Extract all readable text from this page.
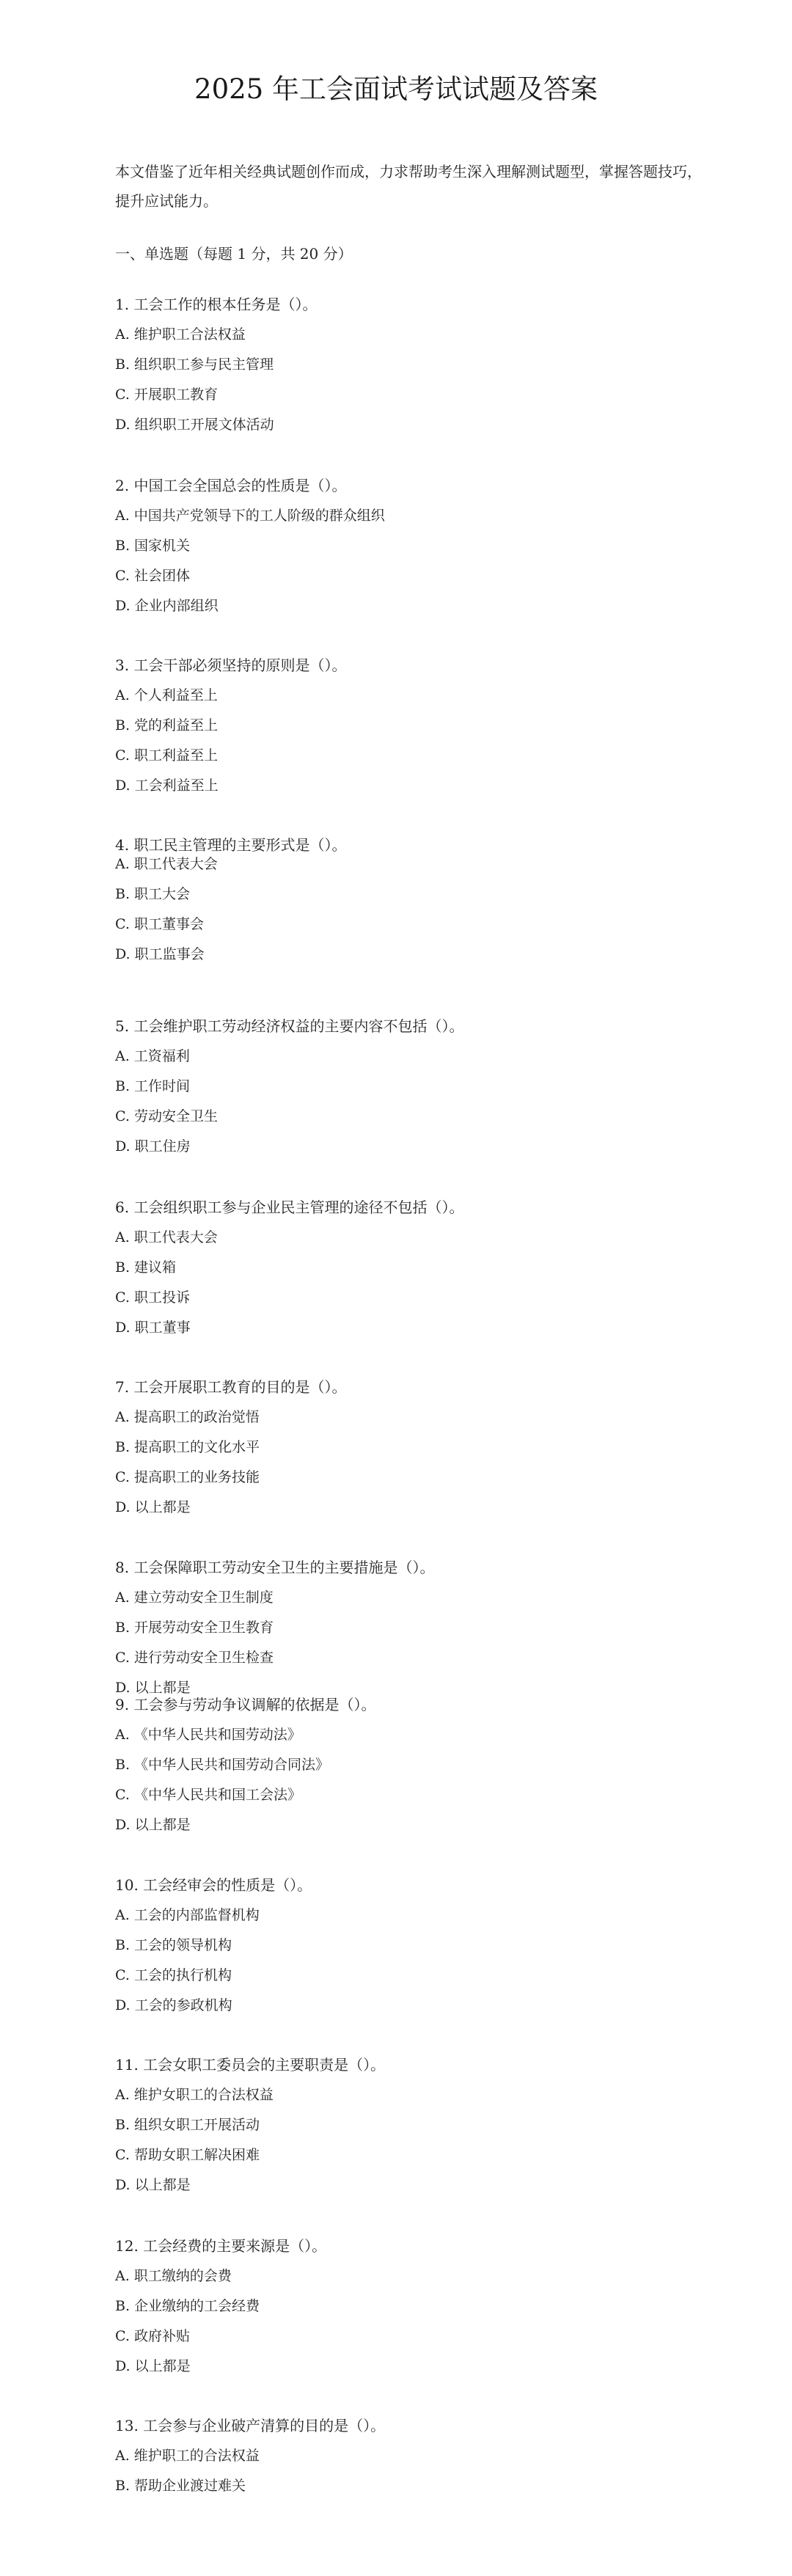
2025 年工会面试考试试题及答案
本文借鉴了近年相关经典试题创作而成，力求帮助考生深入理解测试题型，掌握答题技巧，提升应试能力。
一、单选题（每题 1 分，共 20 分）
1. 工会工作的根本任务是（）。
A. 维护职工合法权益
B. 组织职工参与民主管理
C. 开展职工教育
D. 组织职工开展文体活动
2. 中国工会全国总会的性质是（）。
A. 中国共产党领导下的工人阶级的群众组织
B. 国家机关
C. 社会团体
D. 企业内部组织
3. 工会干部必须坚持的原则是（）。
A. 个人利益至上
B. 党的利益至上
C. 职工利益至上
D. 工会利益至上
4. 职工民主管理的主要形式是（）。
A. 职工代表大会
B. 职工大会
C. 职工董事会
D. 职工监事会
5. 工会维护职工劳动经济权益的主要内容不包括（）。
A. 工资福利
B. 工作时间
C. 劳动安全卫生
D. 职工住房
6. 工会组织职工参与企业民主管理的途径不包括（）。
A. 职工代表大会
B. 建议箱
C. 职工投诉
D. 职工董事
7. 工会开展职工教育的目的是（）。
A. 提高职工的政治觉悟
B. 提高职工的文化水平
C. 提高职工的业务技能
D. 以上都是
8. 工会保障职工劳动安全卫生的主要措施是（）。
A. 建立劳动安全卫生制度
B. 开展劳动安全卫生教育
C. 进行劳动安全卫生检查
D. 以上都是
9. 工会参与劳动争议调解的依据是（）。
A. 《中华人民共和国劳动法》
B. 《中华人民共和国劳动合同法》
C. 《中华人民共和国工会法》
D. 以上都是
10. 工会经审会的性质是（）。
A. 工会的内部监督机构
B. 工会的领导机构
C. 工会的执行机构
D. 工会的参政机构
11. 工会女职工委员会的主要职责是（）。
A. 维护女职工的合法权益
B. 组织女职工开展活动
C. 帮助女职工解决困难
D. 以上都是
12. 工会经费的主要来源是（）。
A. 职工缴纳的会费
B. 企业缴纳的工会经费
C. 政府补贴
D. 以上都是
13. 工会参与企业破产清算的目的是（）。
A. 维护职工的合法权益
B. 帮助企业渡过难关
